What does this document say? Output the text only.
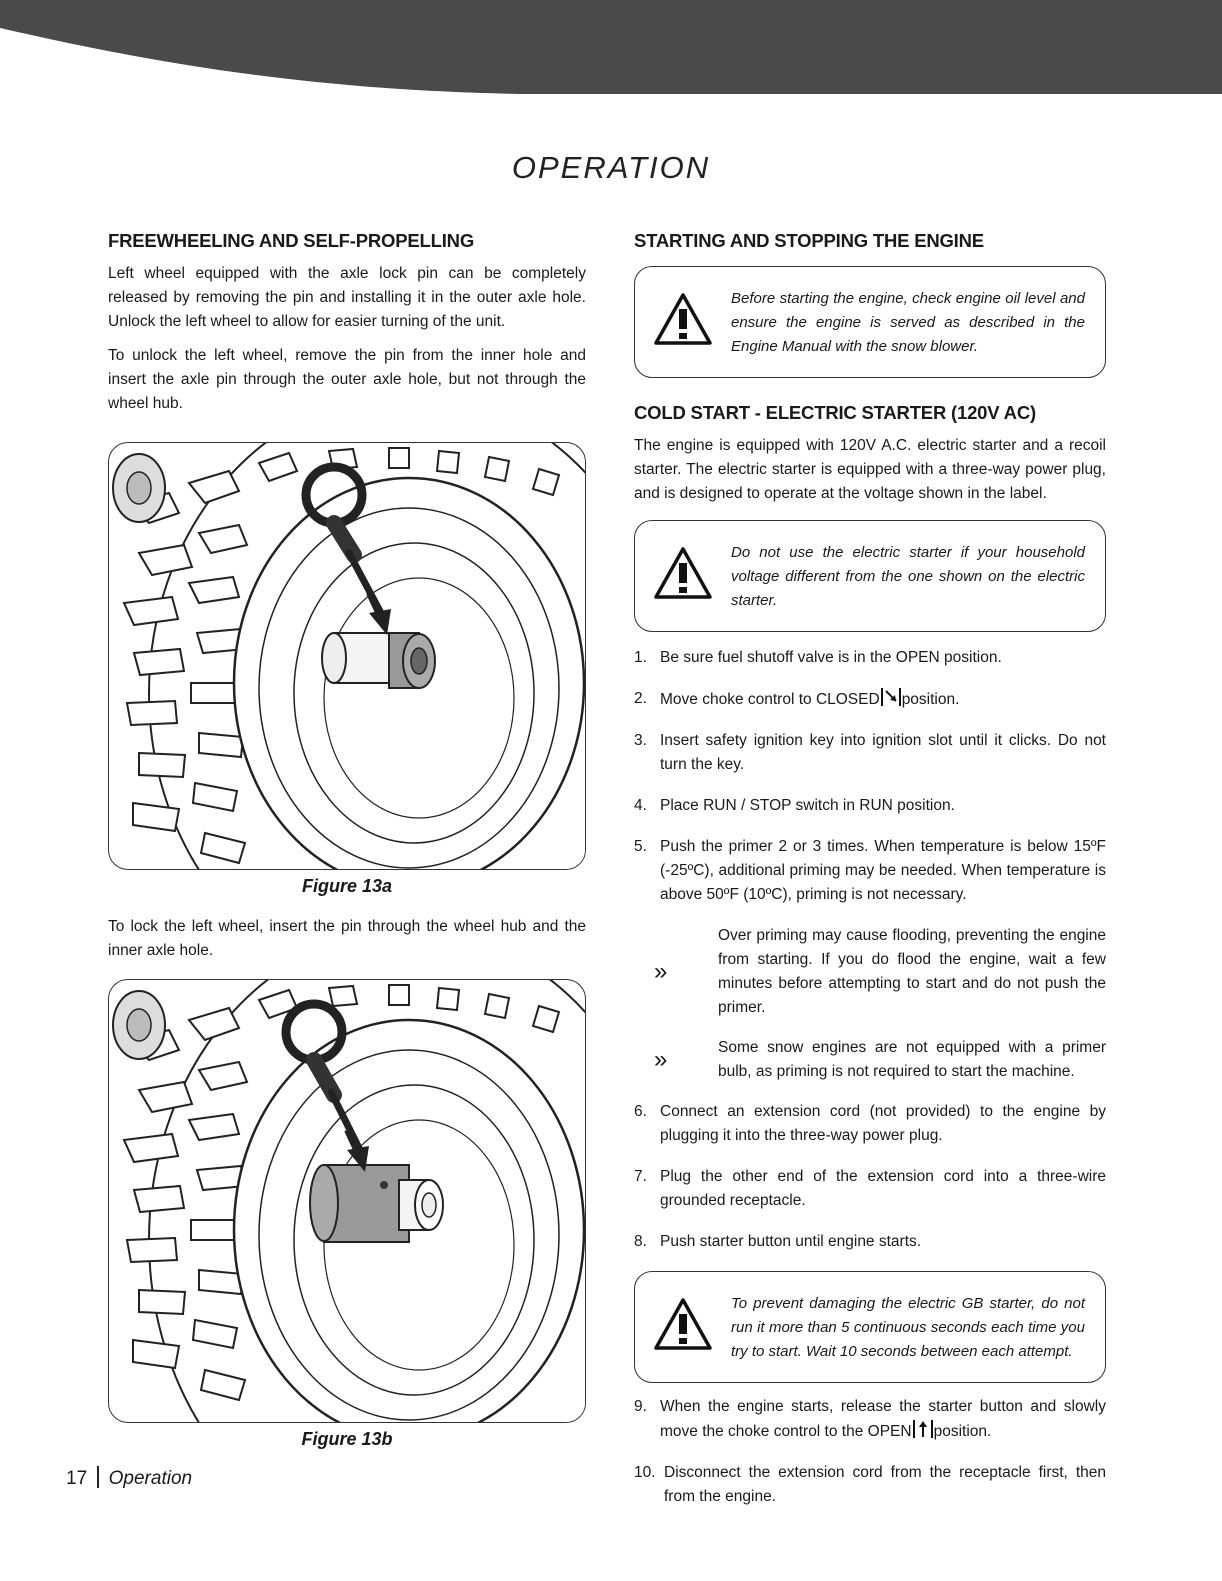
OPERATION
FREEWHEELING AND SELF-PROPELLING

Left wheel equipped with the axle lock pin can be completely released by removing the pin and installing it in the outer axle hole. Unlock the left wheel to allow for easier turning of the unit.

To unlock the left wheel, remove the pin from the inner hole and insert the axle pin through the outer axle hole, but not through the wheel hub.

Figure 13a

To lock the left wheel, insert the pin through the wheel hub and the inner axle hole.

Figure 13b
STARTING AND STOPPING THE ENGINE
Before starting the engine, check engine oil level and ensure the engine is served as described in the Engine Manual with the snow blower.
COLD START - ELECTRIC STARTER (120V AC)

The engine is equipped with 120V A.C. electric starter and a recoil starter. The electric starter is equipped with a three-way power plug, and is designed to operate at the voltage shown in the label.

Do not use the electric starter if your household voltage different from the one shown on the electric starter.
1. Be sure fuel shutoff valve is in the OPEN position.
2. Move choke control to CLOSED position.
3. Insert safety ignition key into ignition slot until it clicks. Do not turn the key.
4. Place RUN / STOP switch in RUN position.
5. Push the primer 2 or 3 times. When temperature is below 15ºF (-25ºC), additional priming may be needed. When temperature is above 50ºF (10ºC), priming is not necessary.
»
Over priming may cause flooding, preventing the engine from starting. If you do flood the engine, wait a few minutes before attempting to start and do not push the primer.
»	Some snow engines are not equipped with a primer bulb, as priming is not required to start the machine.
6. Connect an extension cord (not provided) to the engine by plugging it into the three-way power plug.
7. Plug the other end of the extension cord into a three-wire grounded receptacle.
8. Push starter button until engine starts.
To prevent damaging the electric GB starter, do not run it more than 5 continuous seconds each time you try to start. Wait 10 seconds between each attempt.
9. When the engine starts, release the starter button and slowly move the choke control to the OPEN position.
10. Disconnect the extension cord from the receptacle first, then from the engine.
17 Operation
